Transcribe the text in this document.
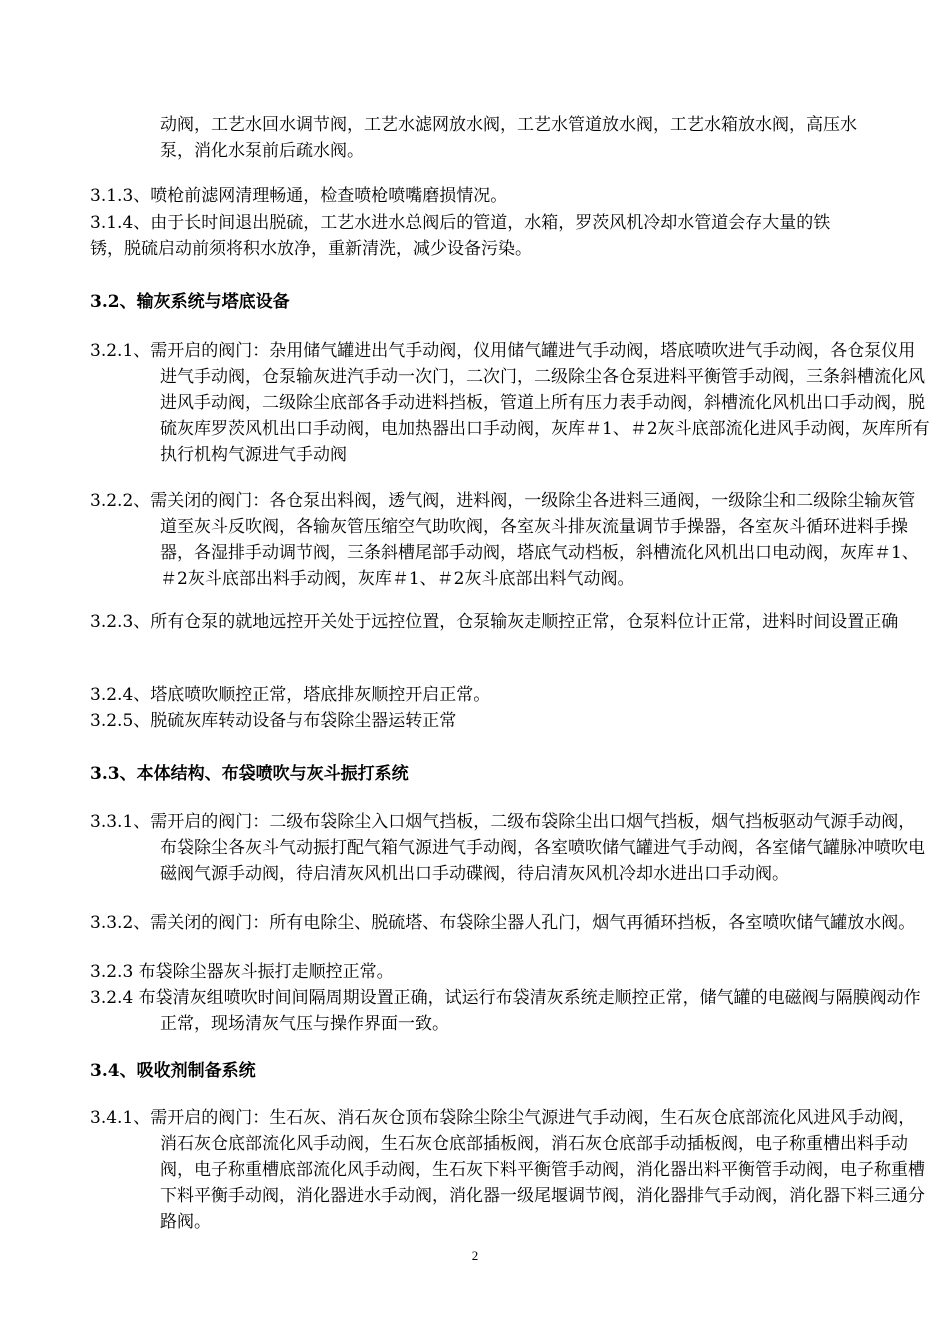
动阀，工艺水回水调节阀，工艺水滤网放水阀，工艺水管道放水阀，工艺水箱放水阀，高压水泵，消化水泵前后疏水阀。

3.1.3、喷枪前滤网清理畅通，检查喷枪喷嘴磨损情况。

3.1.4、由于长时间退出脱硫，工艺水进水总阀后的管道，水箱，罗茨风机冷却水管道会存大量的铁锈，脱硫启动前须将积水放净，重新清洗，减少设备污染。

3.2、输灰系统与塔底设备

3.2.1、需开启的阀门：杂用储气罐进出气手动阀，仪用储气罐进气手动阀，塔底喷吹进气手动阀，各仓泵仪用进气手动阀，仓泵输灰进汽手动一次门，二次门，二级除尘各仓泵进料平衡管手动阀，三条斜槽流化风进风手动阀，二级除尘底部各手动进料挡板，管道上所有压力表手动阀，斜槽流化风机出口手动阀，脱硫灰库罗茨风机出口手动阀，电加热器出口手动阀，灰库＃1、＃2灰斗底部流化进风手动阀，灰库所有执行机构气源进气手动阀

3.2.2、需关闭的阀门：各仓泵出料阀，透气阀，进料阀，一级除尘各进料三通阀，一级除尘和二级除尘输灰管道至灰斗反吹阀，各输灰管压缩空气助吹阀，各室灰斗排灰流量调节手操器，各室灰斗循环进料手操器，各湿排手动调节阀，三条斜槽尾部手动阀，塔底气动档板，斜槽流化风机出口电动阀，灰库＃1、＃2灰斗底部出料手动阀，灰库＃1、＃2灰斗底部出料气动阀。

3.2.3、所有仓泵的就地远控开关处于远控位置，仓泵输灰走顺控正常，仓泵料位计正常，进料时间设置正确

3.2.4、塔底喷吹顺控正常，塔底排灰顺控开启正常。

3.2.5、脱硫灰库转动设备与布袋除尘器运转正常

3.3、本体结构、布袋喷吹与灰斗振打系统

3.3.1、需开启的阀门：二级布袋除尘入口烟气挡板，二级布袋除尘出口烟气挡板，烟气挡板驱动气源手动阀，布袋除尘各灰斗气动振打配气箱气源进气手动阀，各室喷吹储气罐进气手动阀，各室储气罐脉冲喷吹电磁阀气源手动阀，待启清灰风机出口手动碟阀，待启清灰风机冷却水进出口手动阀。

3.3.2、需关闭的阀门：所有电除尘、脱硫塔、布袋除尘器人孔门，烟气再循环挡板，各室喷吹储气罐放水阀。

3.2.3 布袋除尘器灰斗振打走顺控正常。

3.2.4 布袋清灰组喷吹时间间隔周期设置正确，试运行布袋清灰系统走顺控正常，储气罐的电磁阀与隔膜阀动作正常，现场清灰气压与操作界面一致。

3.4、吸收剂制备系统

3.4.1、需开启的阀门：生石灰、消石灰仓顶布袋除尘除尘气源进气手动阀，生石灰仓底部流化风进风手动阀，消石灰仓底部流化风手动阀，生石灰仓底部插板阀，消石灰仓底部手动插板阀，电子称重槽出料手动阀，电子称重槽底部流化风手动阀，生石灰下料平衡管手动阀，消化器出料平衡管手动阀，电子称重槽下料平衡手动阀，消化器进水手动阀，消化器一级尾堰调节阀，消化器排气手动阀，消化器下料三通分路阀。

2
